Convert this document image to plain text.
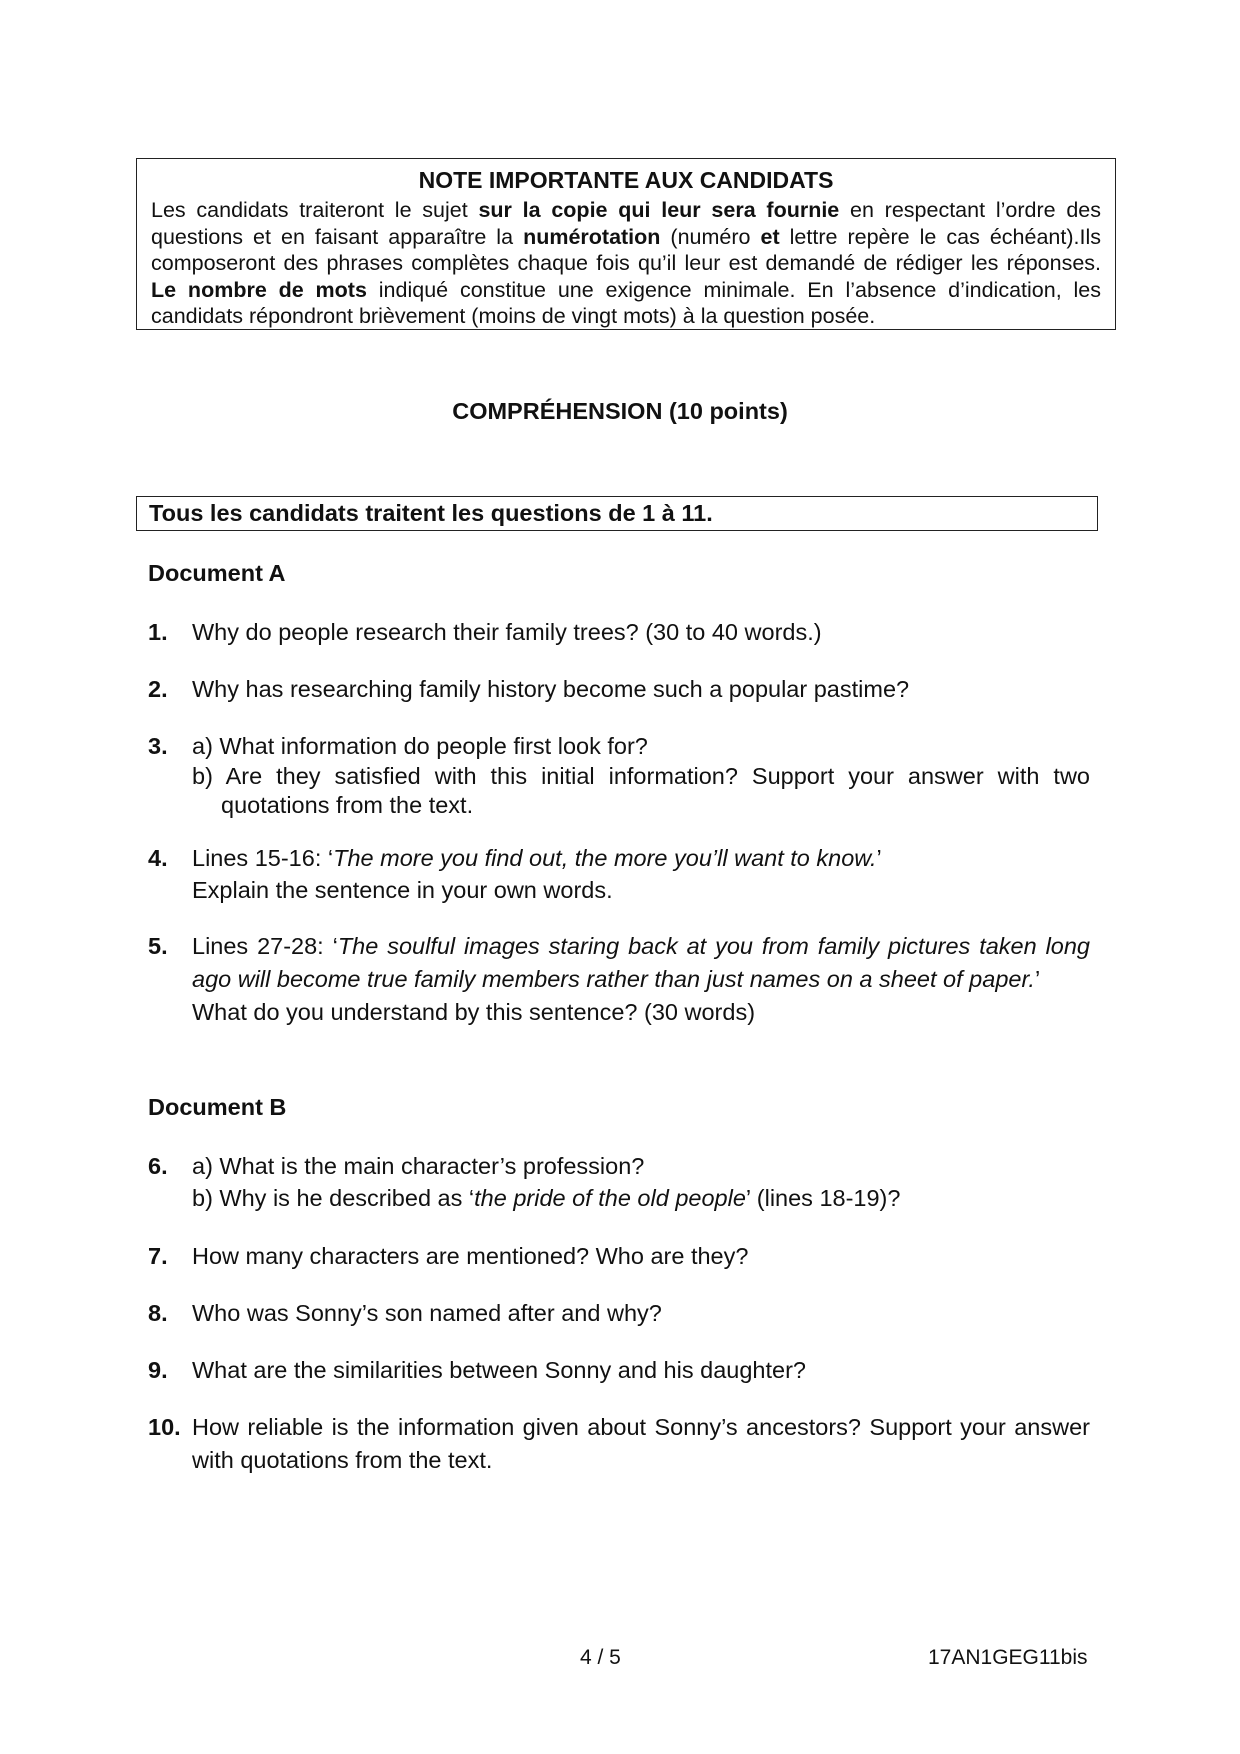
NOTE IMPORTANTE AUX CANDIDATS
Les candidats traiteront le sujet sur la copie qui leur sera fournie en respectant l’ordre des questions et en faisant apparaître la numérotation (numéro et lettre repère le cas échéant).Ils composeront des phrases complètes chaque fois qu’il leur est demandé de rédiger les réponses. Le nombre de mots indiqué constitue une exigence minimale. En l’absence d’indication, les candidats répondront brièvement (moins de vingt mots) à la question posée.
COMPRÉHENSION (10 points)
Tous les candidats traitent les questions de 1 à 11.
Document A
1. Why do people research their family trees? (30 to 40 words.)
2. Why has researching family history become such a popular pastime?
3. a) What information do people first look for?
b) Are they satisfied with this initial information? Support your answer with two quotations from the text.
4. Lines 15-16: ‘The more you find out, the more you’ll want to know.’
Explain the sentence in your own words.
5. Lines 27-28: ‘The soulful images staring back at you from family pictures taken long ago will become true family members rather than just names on a sheet of paper.’
What do you understand by this sentence? (30 words)
Document B
6. a) What is the main character’s profession?
b) Why is he described as ‘the pride of the old people’ (lines 18-19)?
7. How many characters are mentioned? Who are they?
8. Who was Sonny’s son named after and why?
9. What are the similarities between Sonny and his daughter?
10. How reliable is the information given about Sonny’s ancestors? Support your answer with quotations from the text.
4 / 5	17AN1GEG11bis
